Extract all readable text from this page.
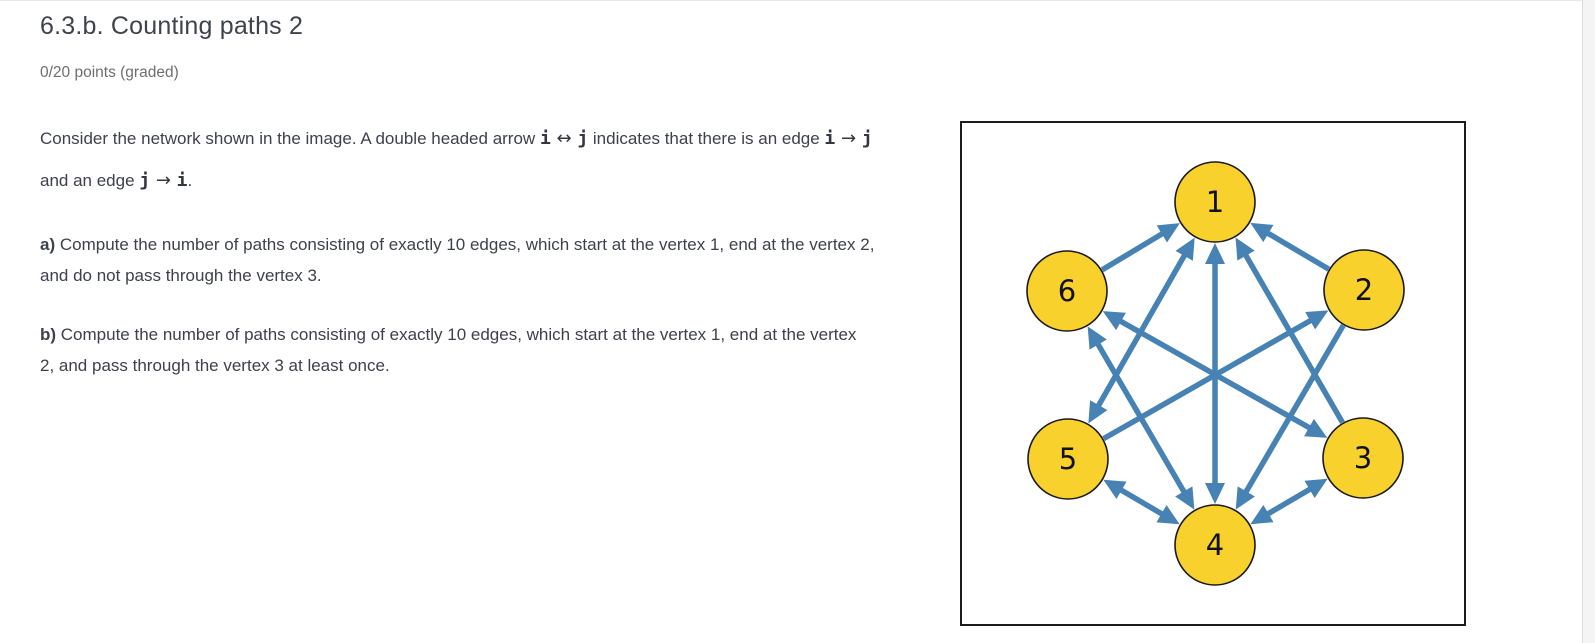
6.3.b. Counting paths 2

0/20 points (graded)

Consider the network shown in the image. A double headed arrow i ↔ j indicates that there is an edge i → j and an edge j → i.

a) Compute the number of paths consisting of exactly 10 edges, which start at the vertex 1, end at the vertex 2, and do not pass through the vertex 3.

b) Compute the number of paths consisting of exactly 10 edges, which start at the vertex 1, end at the vertex 2, and pass through the vertex 3 at least once.

1
2
3
4
5
6
